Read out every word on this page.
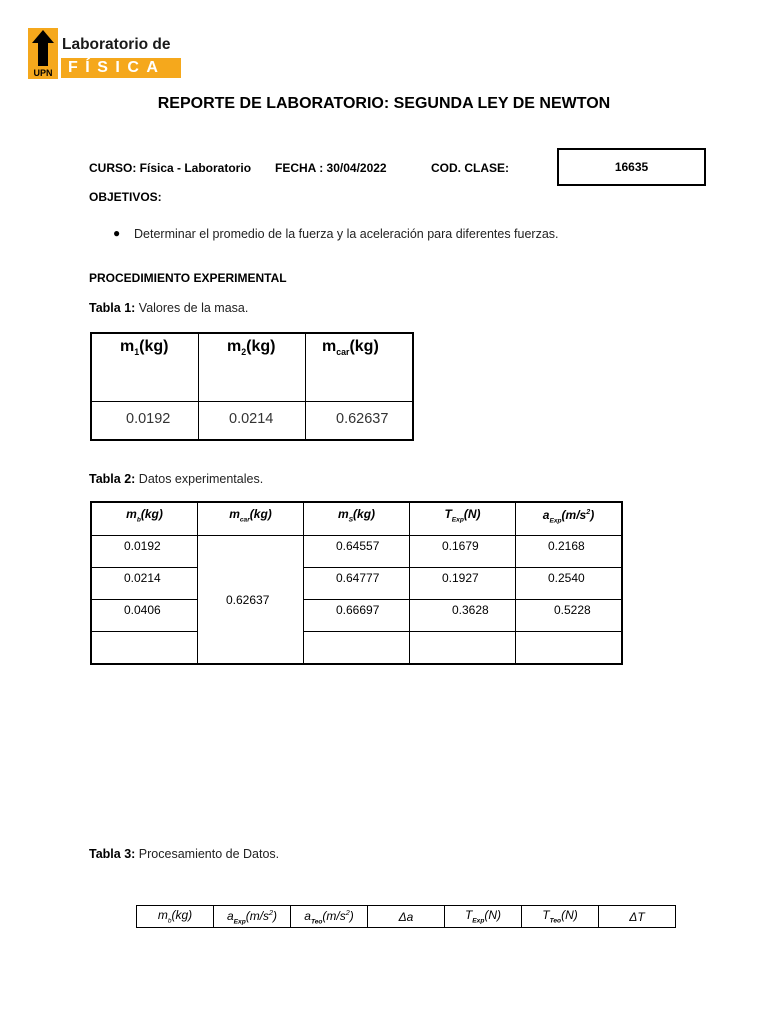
UPN
Laboratorio de
FÍSICA
REPORTE DE LABORATORIO: SEGUNDA LEY DE NEWTON
CURSO: Física - Laboratorio FECHA : 30/04/2022	COD. CLASE:	16635
OBJETIVOS:
● Determinar el promedio de la fuerza y la aceleración para diferentes fuerzas.
PROCEDIMIENTO EXPERIMENTAL
Tabla 1: Valores de la masa.
$m_1(kg)$	$m_2(kg)$	$m_{car}(kg)$

0.0192	0.0214	0.62637
Tabla 2: Datos experimentales.
$m_b(kg)$	$m_{car}(kg)$	$m_S(kg)$	$T_{Exp}(N)$	$a_{Exp}(m/s^2)$

0.0192	0.62637	0.64557	0.1679	0.2168

0.0214		0.64777	0.1927	0.2540

0.0406		0.66697	0.3628	0.5228

Tabla 3: Procesamiento de Datos.
$m_b(kg)$	$a_{Exp}(m/s^2)$	$a_{Teo}(m/s^2)$	Δa	$T_{Exp}(N)$	$T_{Teo}(N)$	ΔT
